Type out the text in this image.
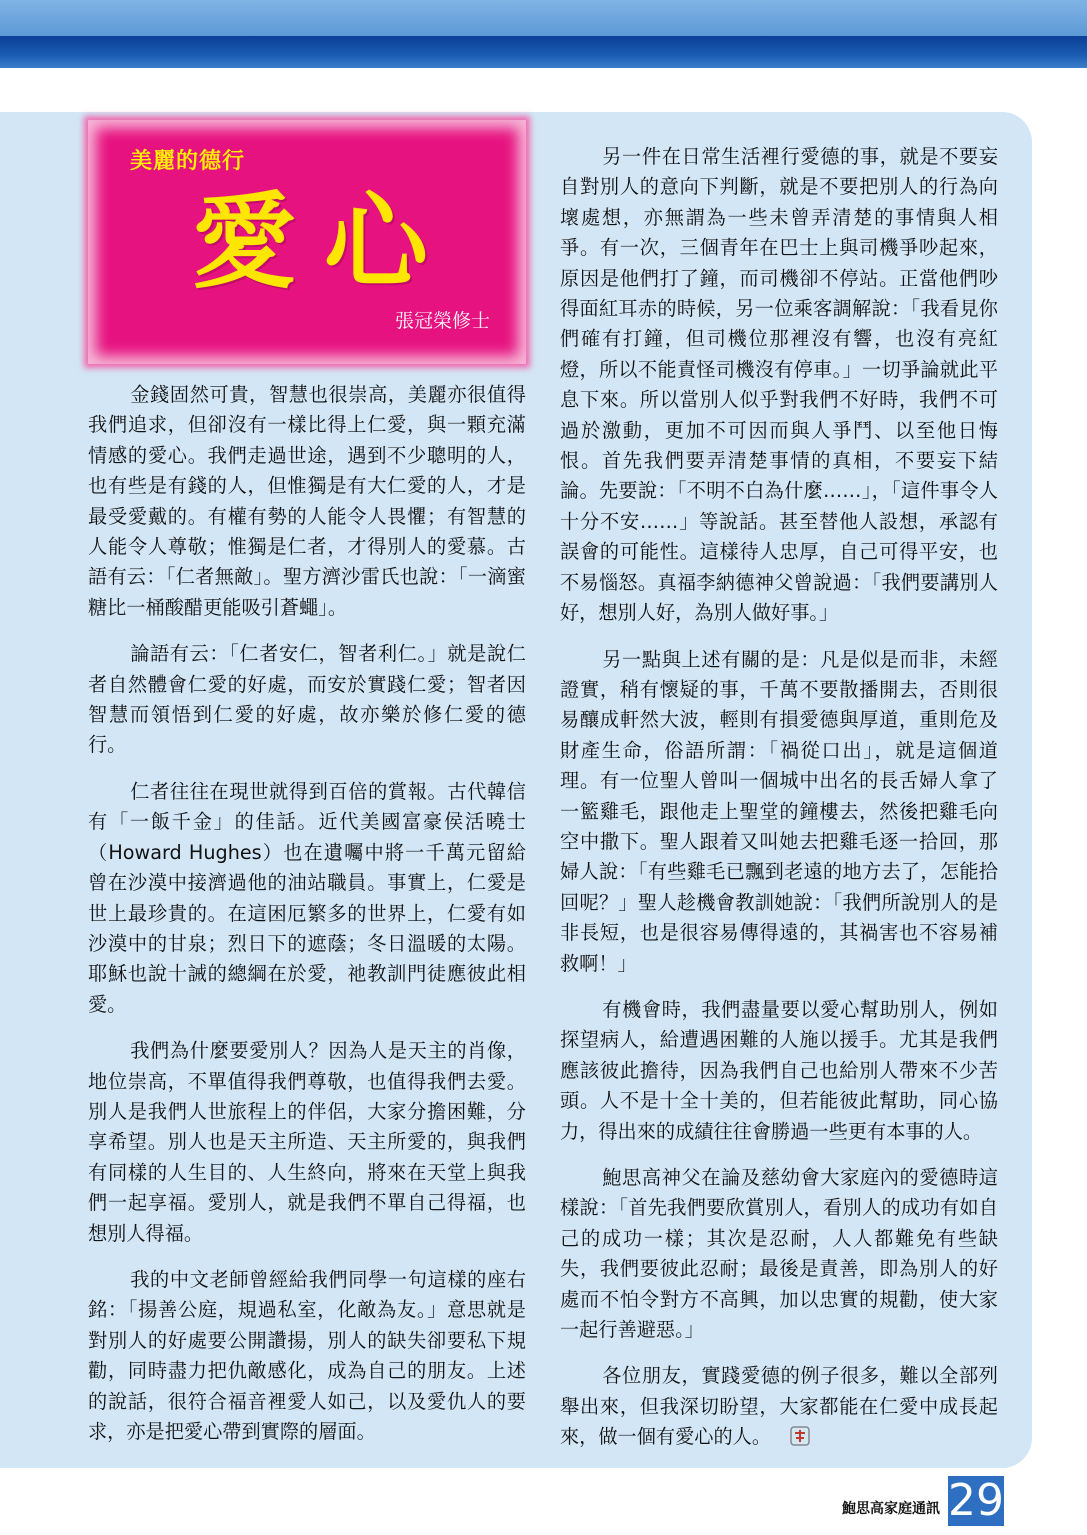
美麗的德行
愛心
張冠榮修士

金錢固然可貴，智慧也很崇高，美麗亦很值得我們追求，但卻沒有一樣比得上仁愛，與一顆充滿情感的愛心。我們走過世途，遇到不少聰明的人，也有些是有錢的人，但惟獨是有大仁愛的人，才是最受愛戴的。有權有勢的人能令人畏懼；有智慧的人能令人尊敬；惟獨是仁者，才得別人的愛慕。古語有云：「仁者無敵」。聖方濟沙雷氏也說：「一滴蜜糖比一桶酸醋更能吸引蒼蠅」。

論語有云：「仁者安仁，智者利仁。」就是說仁者自然體會仁愛的好處，而安於實踐仁愛；智者因智慧而領悟到仁愛的好處，故亦樂於修仁愛的德行。

仁者往往在現世就得到百倍的賞報。古代韓信有「一飯千金」的佳話。近代美國富豪侯活曉士（Howard Hughes）也在遺囑中將一千萬元留給曾在沙漠中接濟過他的油站職員。事實上，仁愛是世上最珍貴的。在這困厄繁多的世界上，仁愛有如沙漠中的甘泉；烈日下的遮蔭；冬日溫暖的太陽。耶穌也說十誡的總綱在於愛，祂教訓門徒應彼此相愛。

我們為什麼要愛別人？因為人是天主的肖像，地位崇高，不單值得我們尊敬，也值得我們去愛。別人是我們人世旅程上的伴侶，大家分擔困難，分享希望。別人也是天主所造、天主所愛的，與我們有同樣的人生目的、人生終向，將來在天堂上與我們一起享福。愛別人，就是我們不單自己得福，也想別人得福。

我的中文老師曾經給我們同學一句這樣的座右銘：「揚善公庭，規過私室，化敵為友。」意思就是對別人的好處要公開讚揚，別人的缺失卻要私下規勸，同時盡力把仇敵感化，成為自己的朋友。上述的說話，很符合福音裡愛人如己，以及愛仇人的要求，亦是把愛心帶到實際的層面。

另一件在日常生活裡行愛德的事，就是不要妄自對別人的意向下判斷，就是不要把別人的行為向壞處想，亦無謂為一些未曾弄清楚的事情與人相爭。有一次，三個青年在巴士上與司機爭吵起來，原因是他們打了鐘，而司機卻不停站。正當他們吵得面紅耳赤的時候，另一位乘客調解說：「我看見你們確有打鐘，但司機位那裡沒有響，也沒有亮紅燈，所以不能責怪司機沒有停車。」一切爭論就此平息下來。所以當別人似乎對我們不好時，我們不可過於激動，更加不可因而與人爭鬥、以至他日悔恨。首先我們要弄清楚事情的真相，不要妄下結論。先要說：「不明不白為什麼……」，「這件事令人十分不安……」等說話。甚至替他人設想，承認有誤會的可能性。這樣待人忠厚，自己可得平安，也不易惱怒。真福李納德神父曾說過：「我們要講別人好，想別人好，為別人做好事。」

另一點與上述有關的是：凡是似是而非，未經證實，稍有懷疑的事，千萬不要散播開去，否則很易釀成軒然大波，輕則有損愛德與厚道，重則危及財產生命，俗語所謂：「禍從口出」，就是這個道理。有一位聖人曾叫一個城中出名的長舌婦人拿了一籃雞毛，跟他走上聖堂的鐘樓去，然後把雞毛向空中撒下。聖人跟着又叫她去把雞毛逐一拾回，那婦人說：「有些雞毛已飄到老遠的地方去了，怎能拾回呢？」聖人趁機會教訓她說：「我們所說別人的是非長短，也是很容易傳得遠的，其禍害也不容易補救啊！」

有機會時，我們盡量要以愛心幫助別人，例如探望病人，給遭遇困難的人施以援手。尤其是我們應該彼此擔待，因為我們自己也給別人帶來不少苦頭。人不是十全十美的，但若能彼此幫助，同心協力，得出來的成績往往會勝過一些更有本事的人。

鮑思高神父在論及慈幼會大家庭內的愛德時這樣說：「首先我們要欣賞別人，看別人的成功有如自己的成功一樣；其次是忍耐，人人都難免有些缺失，我們要彼此忍耐；最後是責善，即為別人的好處而不怕令對方不高興，加以忠實的規勸，使大家一起行善避惡。」

各位朋友，實踐愛德的例子很多，難以全部列舉出來，但我深切盼望，大家都能在仁愛中成長起來，做一個有愛心的人。

鮑思高家庭通訊 29
